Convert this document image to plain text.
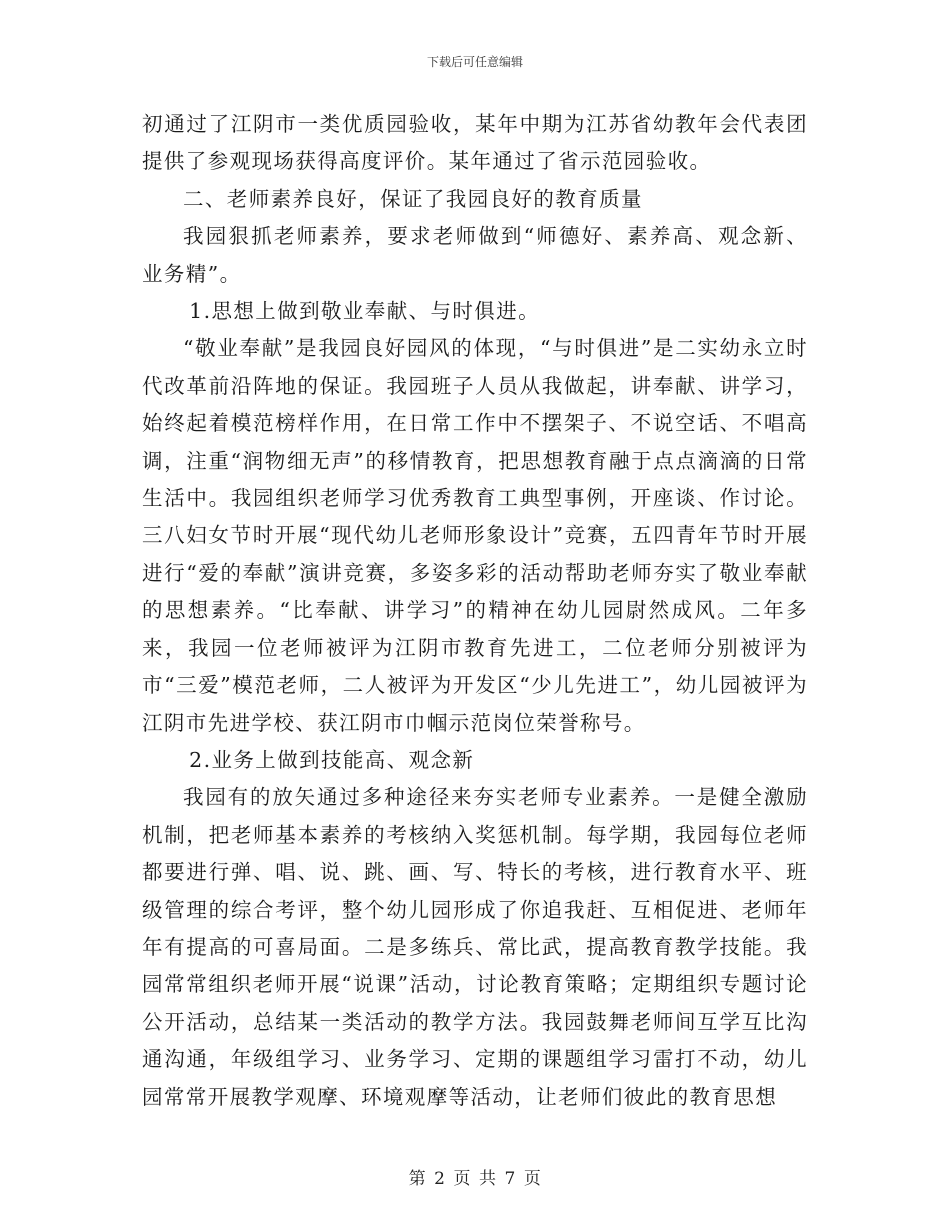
下载后可任意编辑

初通过了江阴市一类优质园验收，某年中期为江苏省幼教年会代表团提供了参观现场获得高度评价。某年通过了省示范园验收。

二、老师素养良好，保证了我园良好的教育质量

我园狠抓老师素养，要求老师做到“师德好、素养高、观念新、业务精”。

1.思想上做到敬业奉献、与时俱进。

“敬业奉献”是我园良好园风的体现，“与时俱进”是二实幼永立时代改革前沿阵地的保证。我园班子人员从我做起，讲奉献、讲学习，始终起着模范榜样作用，在日常工作中不摆架子、不说空话、不唱高调，注重“润物细无声”的移情教育，把思想教育融于点点滴滴的日常生活中。我园组织老师学习优秀教育工典型事例，开座谈、作讨论。三八妇女节时开展“现代幼儿老师形象设计”竞赛，五四青年节时开展进行“爱的奉献”演讲竞赛，多姿多彩的活动帮助老师夯实了敬业奉献的思想素养。“比奉献、讲学习”的精神在幼儿园尉然成风。二年多来，我园一位老师被评为江阴市教育先进工，二位老师分别被评为市“三爱”模范老师，二人被评为开发区“少儿先进工”，幼儿园被评为江阴市先进学校、获江阴市巾帼示范岗位荣誉称号。

2.业务上做到技能高、观念新

我园有的放矢通过多种途径来夯实老师专业素养。一是健全激励机制，把老师基本素养的考核纳入奖惩机制。每学期，我园每位老师都要进行弹、唱、说、跳、画、写、特长的考核，进行教育水平、班级管理的综合考评，整个幼儿园形成了你追我赶、互相促进、老师年年有提高的可喜局面。二是多练兵、常比武，提高教育教学技能。我园常常组织老师开展“说课”活动，讨论教育策略；定期组织专题讨论公开活动，总结某一类活动的教学方法。我园鼓舞老师间互学互比沟通沟通，年级组学习、业务学习、定期的课题组学习雷打不动，幼儿园常常开展教学观摩、环境观摩等活动，让老师们彼此的教育思想

第 2 页 共 7 页
